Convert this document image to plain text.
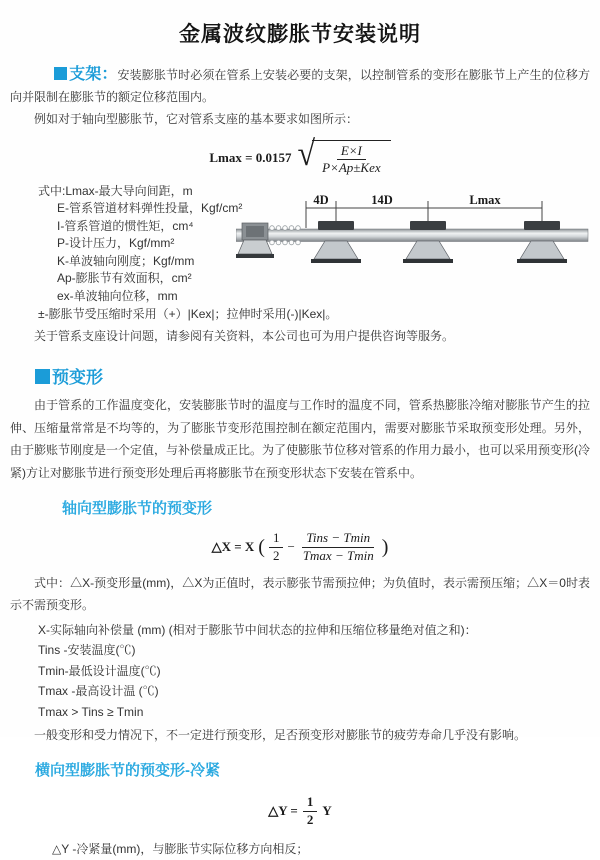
金属波纹膨胀节安装说明

支架：安装膨胀节时必须在管系上安装必要的支架，以控制管系的变形在膨胀节上产生的位移方向并限制在膨胀节的额定位移范围内。

例如对于轴向型膨胀节，它对管系支座的基本要求如图所示：

Lmax = 0.0157 √ $\frac{E\times I}{\text{P×Ap±Kex}}$
4D	14D	Lmax
式中:Lmax-最大导向间距，m
E-管系管道材料弹性投量，Kgf/cm²
I-管系管道的惯性矩，cm⁴
P-设计压力，Kgf/mm²
K-单波轴向刚度；Kgf/mm
Ap-膨胀节有效面积，cm²
ex-单波轴向位移，mm
±-膨胀节受压缩时采用（+）|Kex|；拉伸时采用(-)|Kex|。

关于管系支座设计问题，请参阅有关资料，本公司也可为用户提供咨询等服务。

预变形

由于管系的工作温度变化，安装膨胀节时的温度与工作时的温度不同，管系热膨胀冷缩对膨胀节产生的拉伸、压缩量常常是不均等的，为了膨胀节变形范围控制在额定范围内，需要对膨胀节采取预变形处理。另外，由于膨账节刚度是一个定值，与补偿量成正比。为了使膨胀节位移对管系的作用力最小，也可以采用预变形(冷紧)方让对膨胀节进行预变形处理后再将膨胀节在预变形状态下安装在管系中。

轴向型膨胀节的预变形
△X = X ( $\frac{1}{2} - \frac{\text{Tins − Tmin}}{Tmax - Tmin}$ )

式中：△X-预变形量(mm)，△X为正值时，表示膨张节需预拉伸；为负值时，表示需预压缩；△X＝0时表示不需预变形。

X-实际轴向补偿量 (mm) (相对于膨胀节中间状态的拉伸和压缩位移量绝对值之和)：
Tins -安装温度(℃)
Tmin-最低设计温度(℃)
Tmax -最高设计温 (℃)
Tmax > Tins ≥ Tmin

一般变形和受力情况下，不一定进行预变形，足否预变形对膨胀节的疲劳寿命几乎没有影响。

横向型膨胀节的预变形-冷紧
△Y = $\frac{1}{2}$ Y

△Y -冷紧量(mm)，与膨胀节实际位移方向相反；
